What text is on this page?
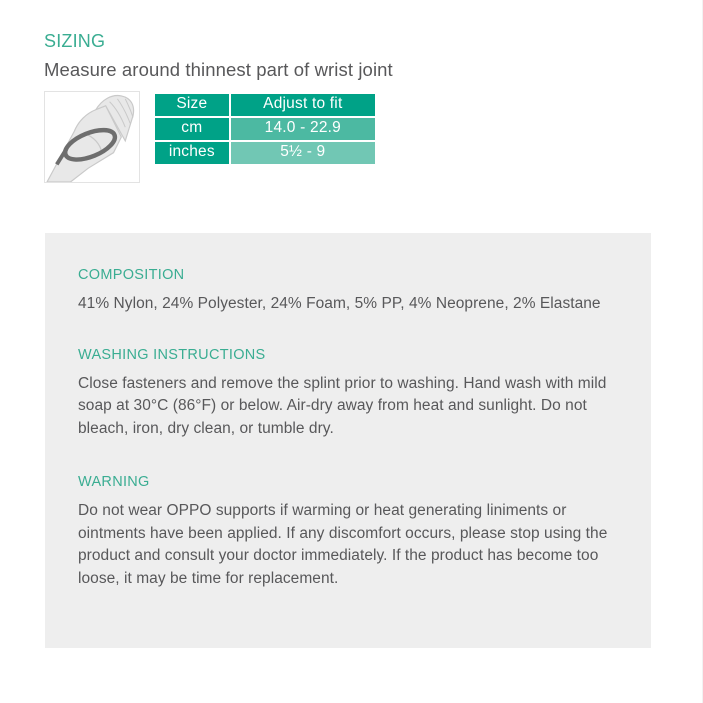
SIZING
Measure around thinnest part of wrist joint
Size	Adjust to fit
cm	14.0 - 22.9
inches	5½ - 9
COMPOSITION
41% Nylon, 24% Polyester, 24% Foam, 5% PP, 4% Neoprene, 2% Elastane
WASHING INSTRUCTIONS
Close fasteners and remove the splint prior to washing. Hand wash with mild soap at 30°C (86°F) or below. Air-dry away from heat and sunlight. Do not bleach, iron, dry clean, or tumble dry.
WARNING
Do not wear OPPO supports if warming or heat generating liniments or ointments have been applied. If any discomfort occurs, please stop using the product and consult your doctor immediately. If the product has become too loose, it may be time for replacement.
